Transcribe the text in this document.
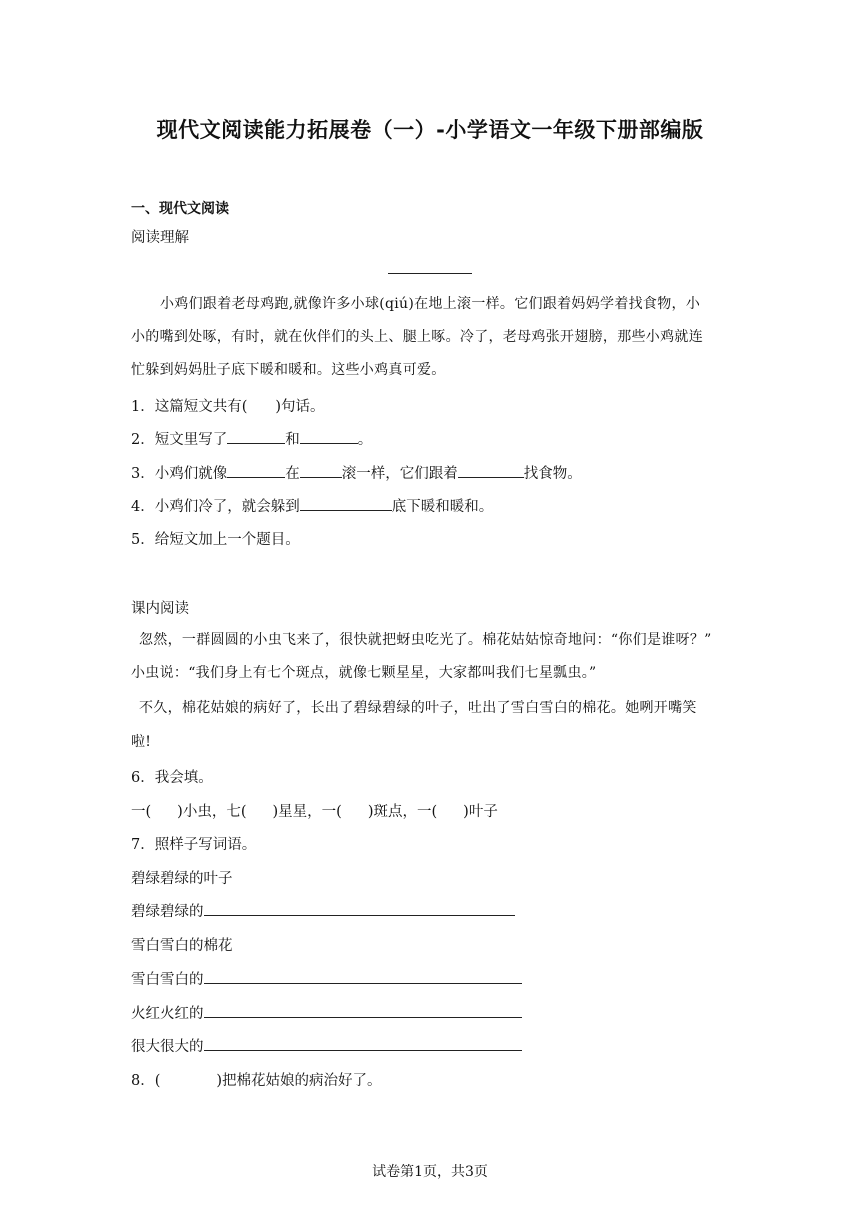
现代文阅读能力拓展卷（一）-小学语文一年级下册部编版
一、现代文阅读
阅读理解
小鸡们跟着老母鸡跑,就像许多小球(qiú)在地上滚一样。它们跟着妈妈学着找食物，小
小的嘴到处啄，有时，就在伙伴们的头上、腿上啄。冷了，老母鸡张开翅膀，那些小鸡就连
忙躲到妈妈肚子底下暖和暖和。这些小鸡真可爱。
1．这篇短文共有( )句话。
2．短文里写了	和	。
3．小鸡们就像	在	滚一样，它们跟着	找食物。
4．小鸡们冷了，就会躲到	底下暖和暖和。
5．给短文加上一个题目。
课内阅读
忽然，一群圆圆的小虫飞来了，很快就把蚜虫吃光了。棉花姑姑惊奇地问：“你们是谁呀？”
小虫说：“我们身上有七个斑点，就像七颗星星，大家都叫我们七星瓢虫。”
不久，棉花姑娘的病好了，长出了碧绿碧绿的叶子，吐出了雪白雪白的棉花。她咧开嘴笑
啦!
6．我会填。
一( )小虫，七( )星星，一( )斑点，一( )叶子
7．照样子写词语。
碧绿碧绿的叶子
碧绿碧绿的
雪白雪白的棉花
雪白雪白的
火红火红的
很大很大的
8．(	)把棉花姑娘的病治好了。
试卷第1页，共3页
